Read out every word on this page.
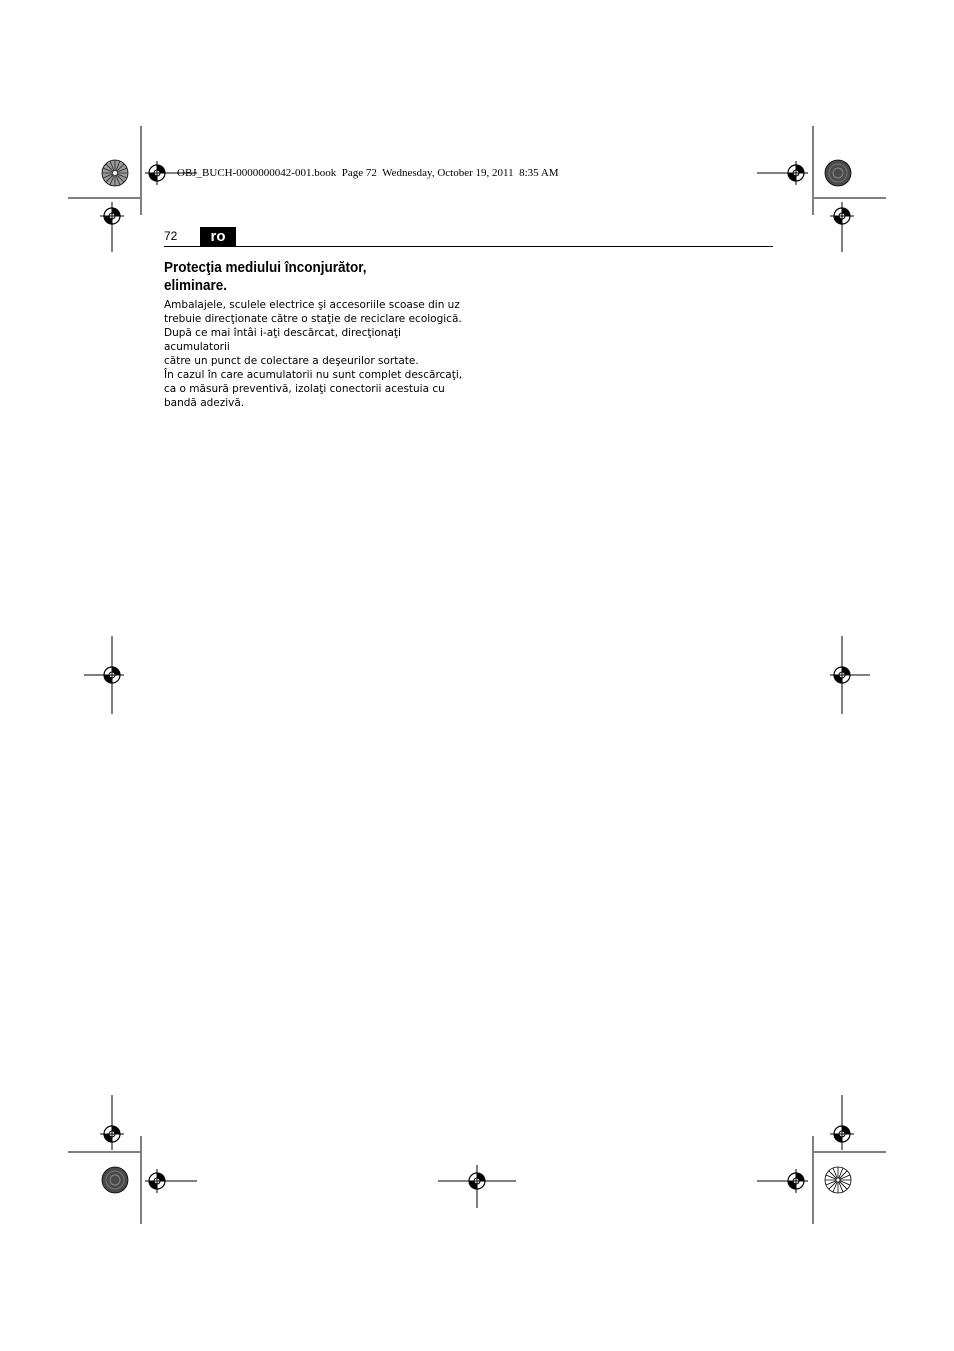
OBJ_BUCH-0000000042-001.book  Page 72  Wednesday, October 19, 2011  8:35 AM
72	ro
Protecţia mediului înconjurător,
eliminare.

Ambalajele, sculele electrice şi accesoriile scoase din uz
trebuie direcţionate către o staţie de reciclare ecologică.

După ce mai întâi i-aţi descărcat, direcţionaţi acumulatorii
către un punct de colectare a deşeurilor sortate.

În cazul în care acumulatorii nu sunt complet descărcaţi,
ca o măsură preventivă, izolaţi conectorii acestuia cu
bandă adezivă.
